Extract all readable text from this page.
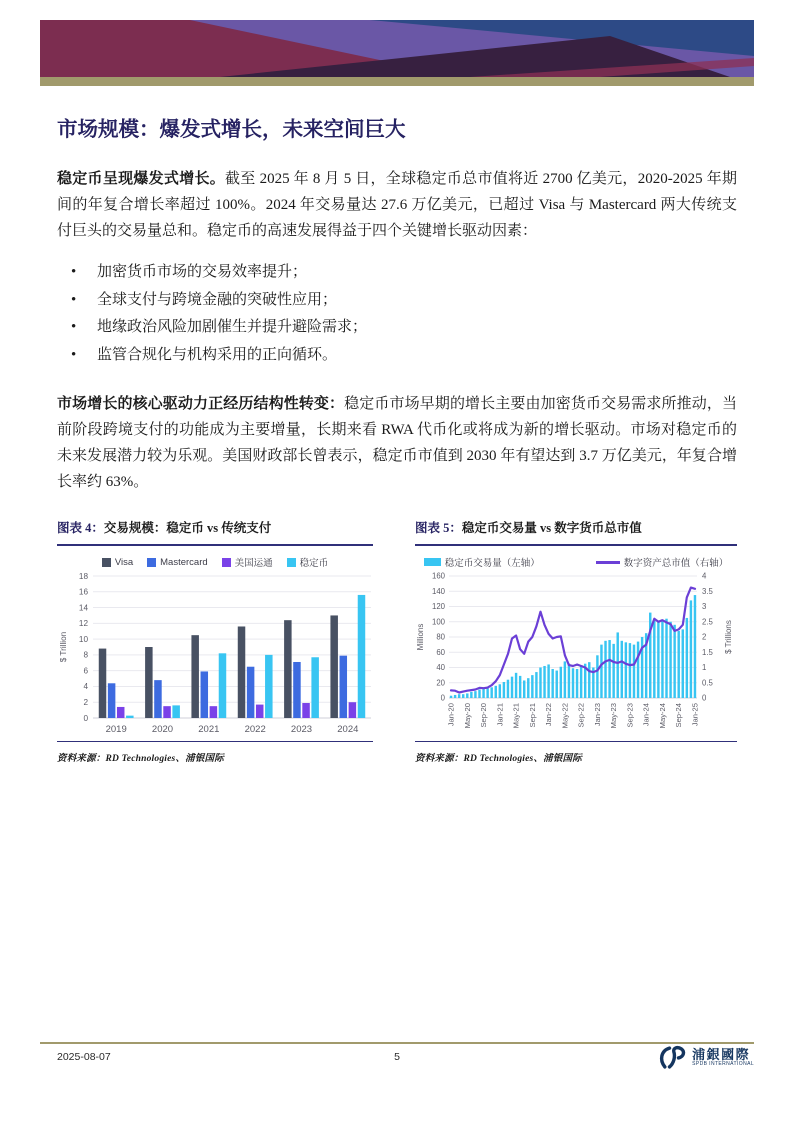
市场规模：爆发式增长，未来空间巨大

稳定币呈现爆发式增长。截至 2025 年 8 月 5 日，全球稳定币总市值将近 2700 亿美元，2020-2025 年期间的年复合增长率超过 100%。2024 年交易量达 27.6 万亿美元，已超过 Visa 与 Mastercard 两大传统支付巨头的交易量总和。稳定币的高速发展得益于四个关键增长驱动因素：

• 加密货币市场的交易效率提升；
• 全球支付与跨境金融的突破性应用；
• 地缘政治风险加剧催生并提升避险需求；
• 监管合规化与机构采用的正向循环。

市场增长的核心驱动力正经历结构性转变：稳定币市场早期的增长主要由加密货币交易需求所推动，当前阶段跨境支付的功能成为主要增量，长期来看 RWA 代币化或将成为新的增长驱动。市场对稳定币的未来发展潜力较为乐观。美国财政部长曾表示，稳定币市值到 2030 年有望达到 3.7 万亿美元，年复合增长率约 63%。

图表 4：交易规模：稳定币 vs 传统支付
Visa	Mastercard	美国运通	稳定币
0
2
4
6
8
10
12
14
16
18
$ Trillion
2019	2020	2021	2022	2023	2024
资料来源：RD Technologies、浦银国际
图表 5：稳定币交易量 vs 数字货币总市值
稳定币交易量（左轴）	数字资产总市值（右轴）
0
20
40
60
80
100
120
140
160
0
0.5
1
1.5
2
2.5
3
3.5
4
Millions	$ Trillions
Jan-20 May-20 Sep-20 Jan-21 May-21 Sep-21 Jan-22 May-22 Sep-22 Jan-23 May-23 Sep-23 Jan-24 May-24 Sep-24 Jan-25
资料来源：RD Technologies、浦银国际
2025-08-07	5	浦銀國際
SPDB INTERNATIONAL
